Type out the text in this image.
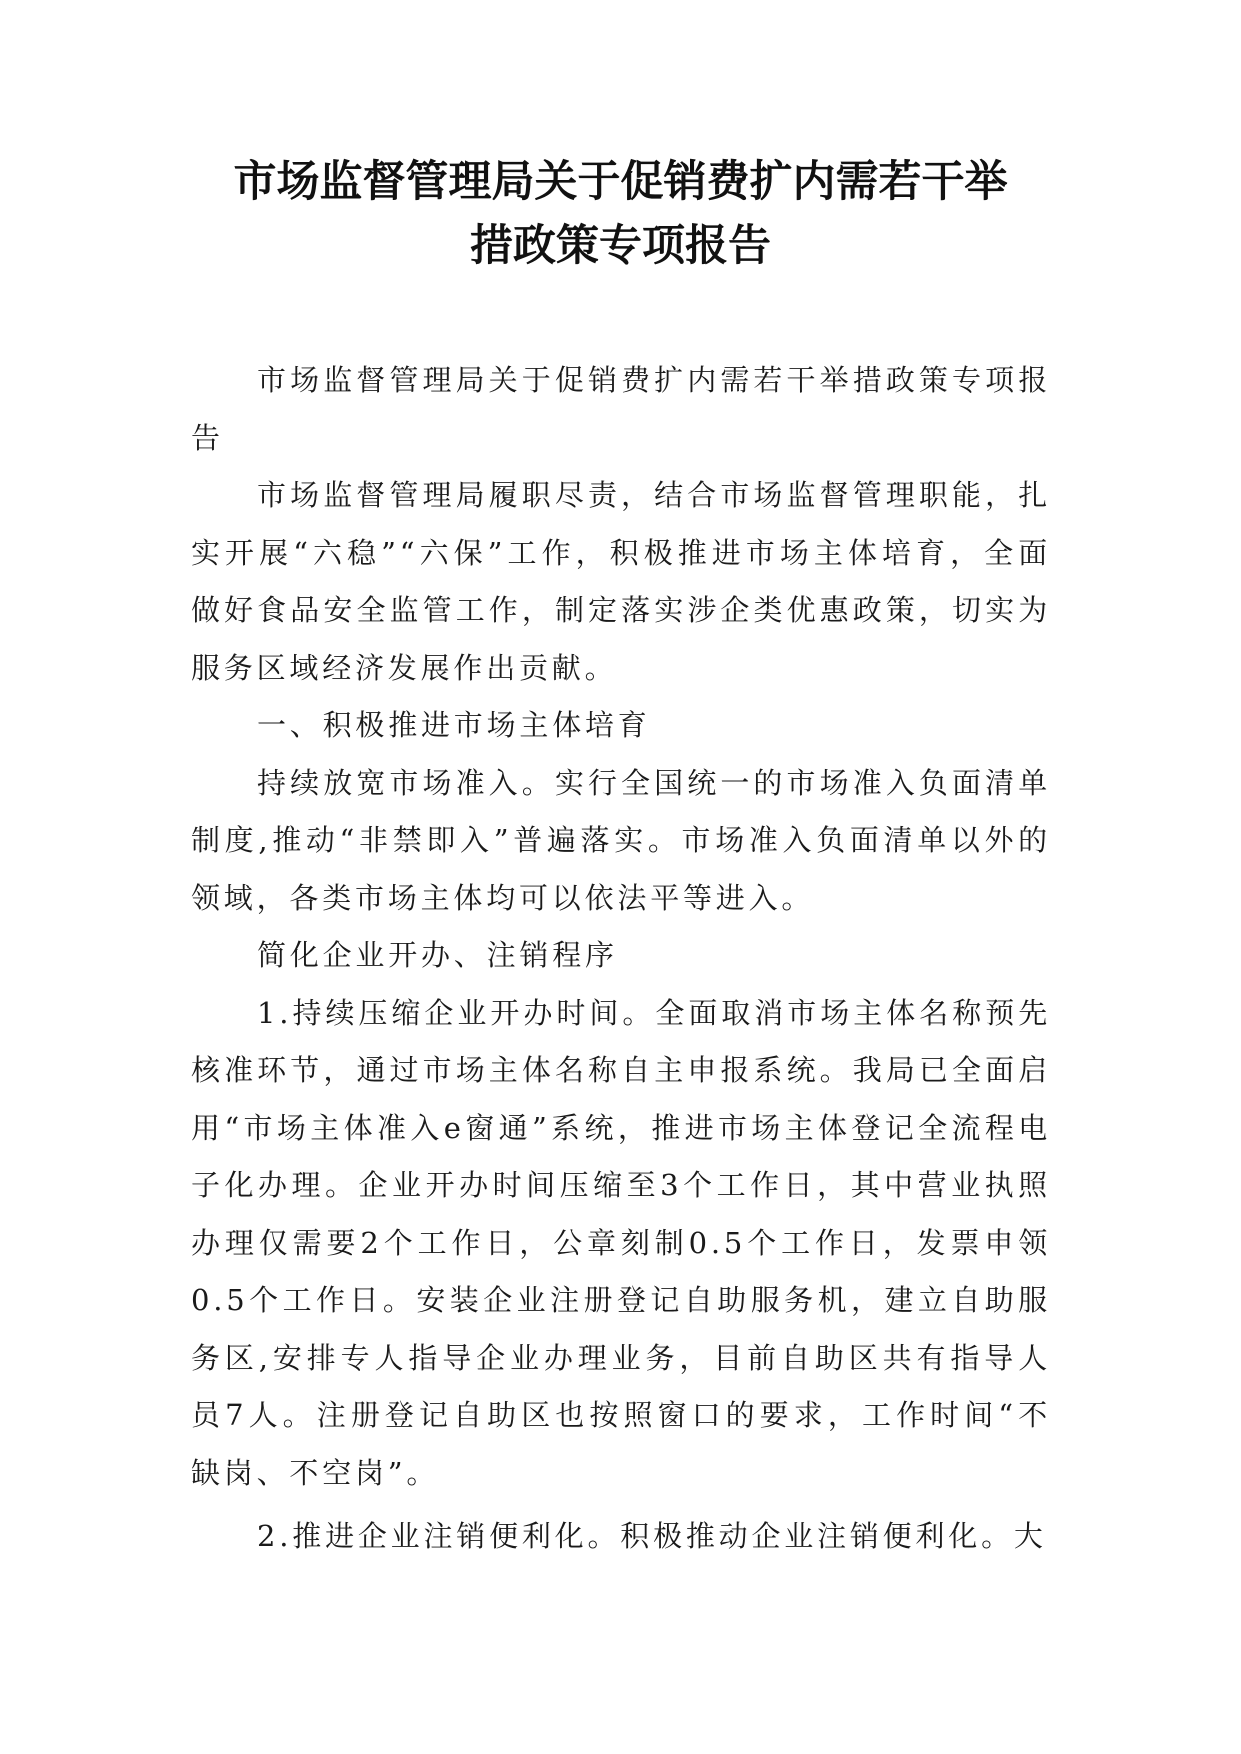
市场监督管理局关于促销费扩内需若干举
措政策专项报告

市场监督管理局关于促销费扩内需若干举措政策专项报告

市场监督管理局履职尽责，结合市场监督管理职能，扎实开展“六稳”“六保”工作，积极推进市场主体培育，全面做好食品安全监管工作，制定落实涉企类优惠政策，切实为服务区域经济发展作出贡献。

一、积极推进市场主体培育

持续放宽市场准入。实行全国统一的市场准入负面清单制度,推动“非禁即入”普遍落实。市场准入负面清单以外的领域，各类市场主体均可以依法平等进入。

简化企业开办、注销程序

1.持续压缩企业开办时间。全面取消市场主体名称预先核准环节，通过市场主体名称自主申报系统。我局已全面启用“市场主体准入e窗通”系统，推进市场主体登记全流程电子化办理。企业开办时间压缩至3个工作日，其中营业执照办理仅需要2个工作日，公章刻制0.5个工作日，发票申领0.5个工作日。安装企业注册登记自助服务机，建立自助服务区,安排专人指导企业办理业务，目前自助区共有指导人员7人。注册登记自助区也按照窗口的要求，工作时间“不缺岗、不空岗”。

2.推进企业注销便利化。积极推动企业注销便利化。大
